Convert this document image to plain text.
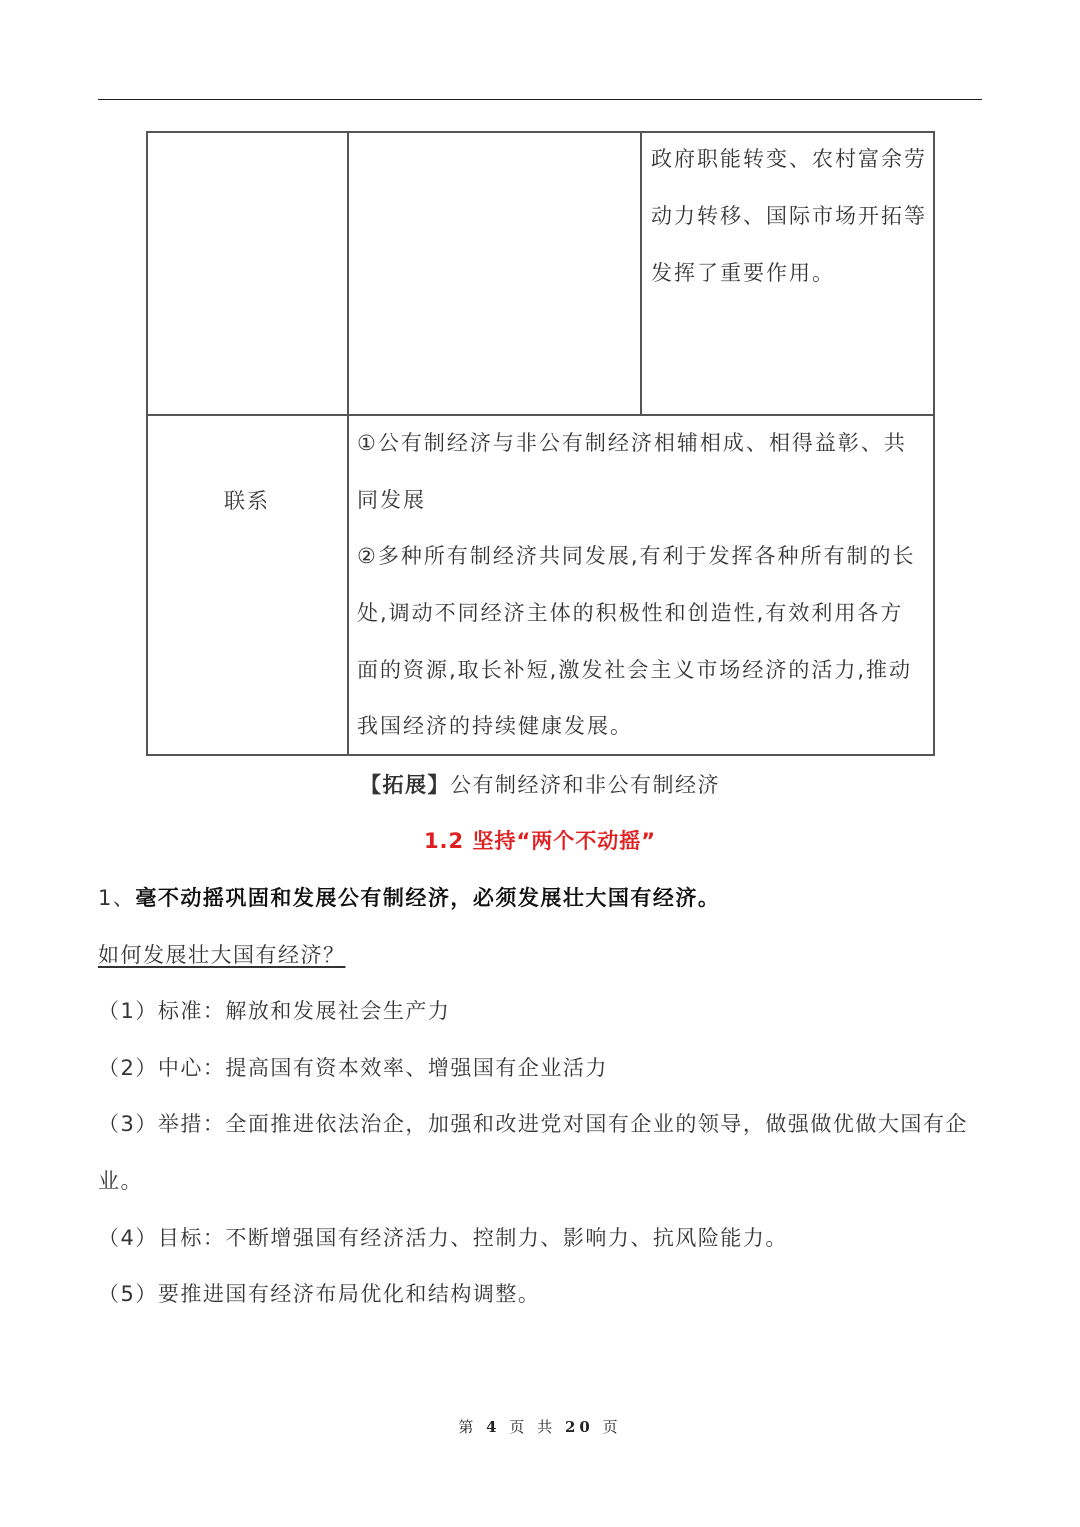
政府职能转变、农村富余劳
动力转移、国际市场开拓等
发挥了重要作用。
联系
①公有制经济与非公有制经济相辅相成、相得益彰、共
同发展
②多种所有制经济共同发展,有利于发挥各种所有制的长
处,调动不同经济主体的积极性和创造性,有效利用各方
面的资源,取长补短,激发社会主义市场经济的活力,推动
我国经济的持续健康发展。
【拓展】公有制经济和非公有制经济
1.2 坚持“两个不动摇”
1、毫不动摇巩固和发展公有制经济，必须发展壮大国有经济。
如何发展壮大国有经济？
（1）标准：解放和发展社会生产力
（2）中心：提高国有资本效率、增强国有企业活力
（3）举措：全面推进依法治企，加强和改进党对国有企业的领导，做强做优做大国有企
业。
（4）目标：不断增强国有经济活力、控制力、影响力、抗风险能力。
（5）要推进国有经济布局优化和结构调整。
第 4 页 共 20 页
